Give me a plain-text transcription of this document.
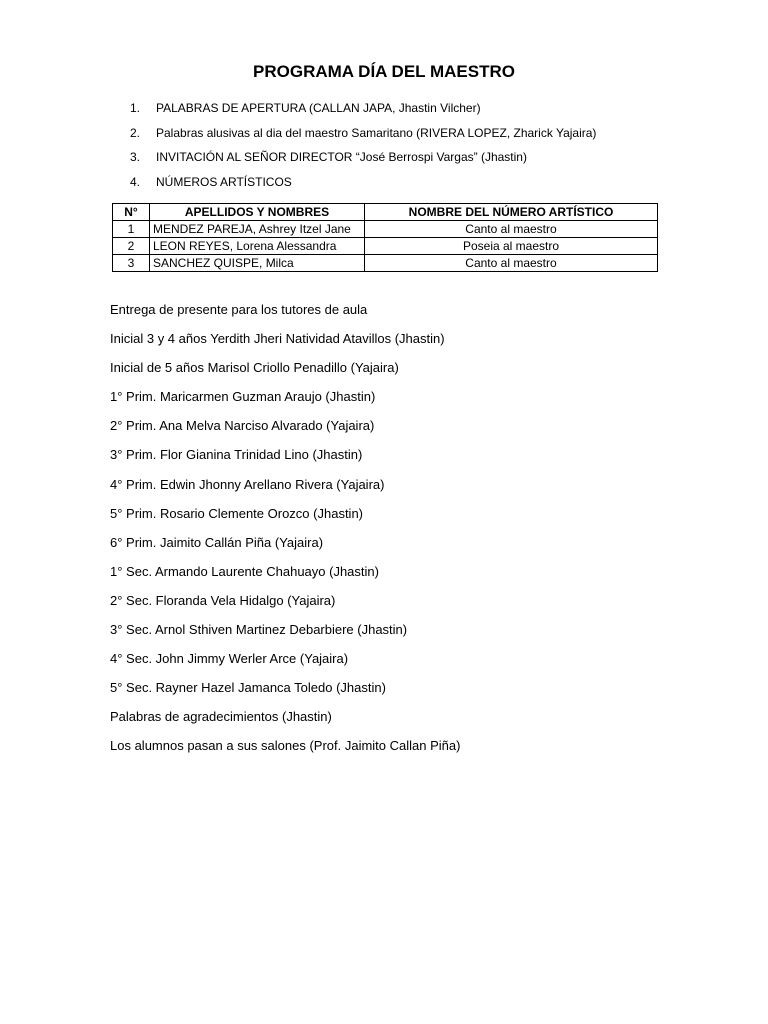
PROGRAMA DÍA DEL MAESTRO
1.	PALABRAS DE APERTURA (CALLAN JAPA, Jhastin Vilcher)
2.	Palabras alusivas al dia del maestro Samaritano (RIVERA LOPEZ, Zharick Yajaira)
3.	INVITACIÓN AL SEÑOR DIRECTOR “José Berrospi Vargas” (Jhastin)
4.	NÚMEROS ARTÍSTICOS
N°	APELLIDOS Y NOMBRES	NOMBRE DEL NÚMERO ARTÍSTICO
1	MENDEZ PAREJA, Ashrey Itzel Jane	Canto al maestro
2	LEON REYES, Lorena Alessandra	Poseia al maestro
3	SANCHEZ QUISPE, Milca	Canto al maestro
Entrega de presente para los tutores de aula
Inicial 3 y 4 años Yerdith Jheri Natividad Atavillos (Jhastin)
Inicial de 5 años Marisol Criollo Penadillo (Yajaira)
1° Prim. Maricarmen Guzman Araujo (Jhastin)
2° Prim. Ana Melva Narciso Alvarado (Yajaira)
3° Prim. Flor Gianina Trinidad Lino (Jhastin)
4° Prim. Edwin Jhonny Arellano Rivera (Yajaira)
5° Prim. Rosario Clemente Orozco (Jhastin)
6° Prim. Jaimito Callán Piña (Yajaira)
1° Sec. Armando Laurente Chahuayo (Jhastin)
2° Sec. Floranda Vela Hidalgo (Yajaira)
3° Sec. Arnol Sthiven Martinez Debarbiere (Jhastin)
4° Sec. John Jimmy Werler Arce (Yajaira)
5° Sec. Rayner Hazel Jamanca Toledo (Jhastin)
Palabras de agradecimientos (Jhastin)
Los alumnos pasan a sus salones (Prof. Jaimito Callan Piña)
